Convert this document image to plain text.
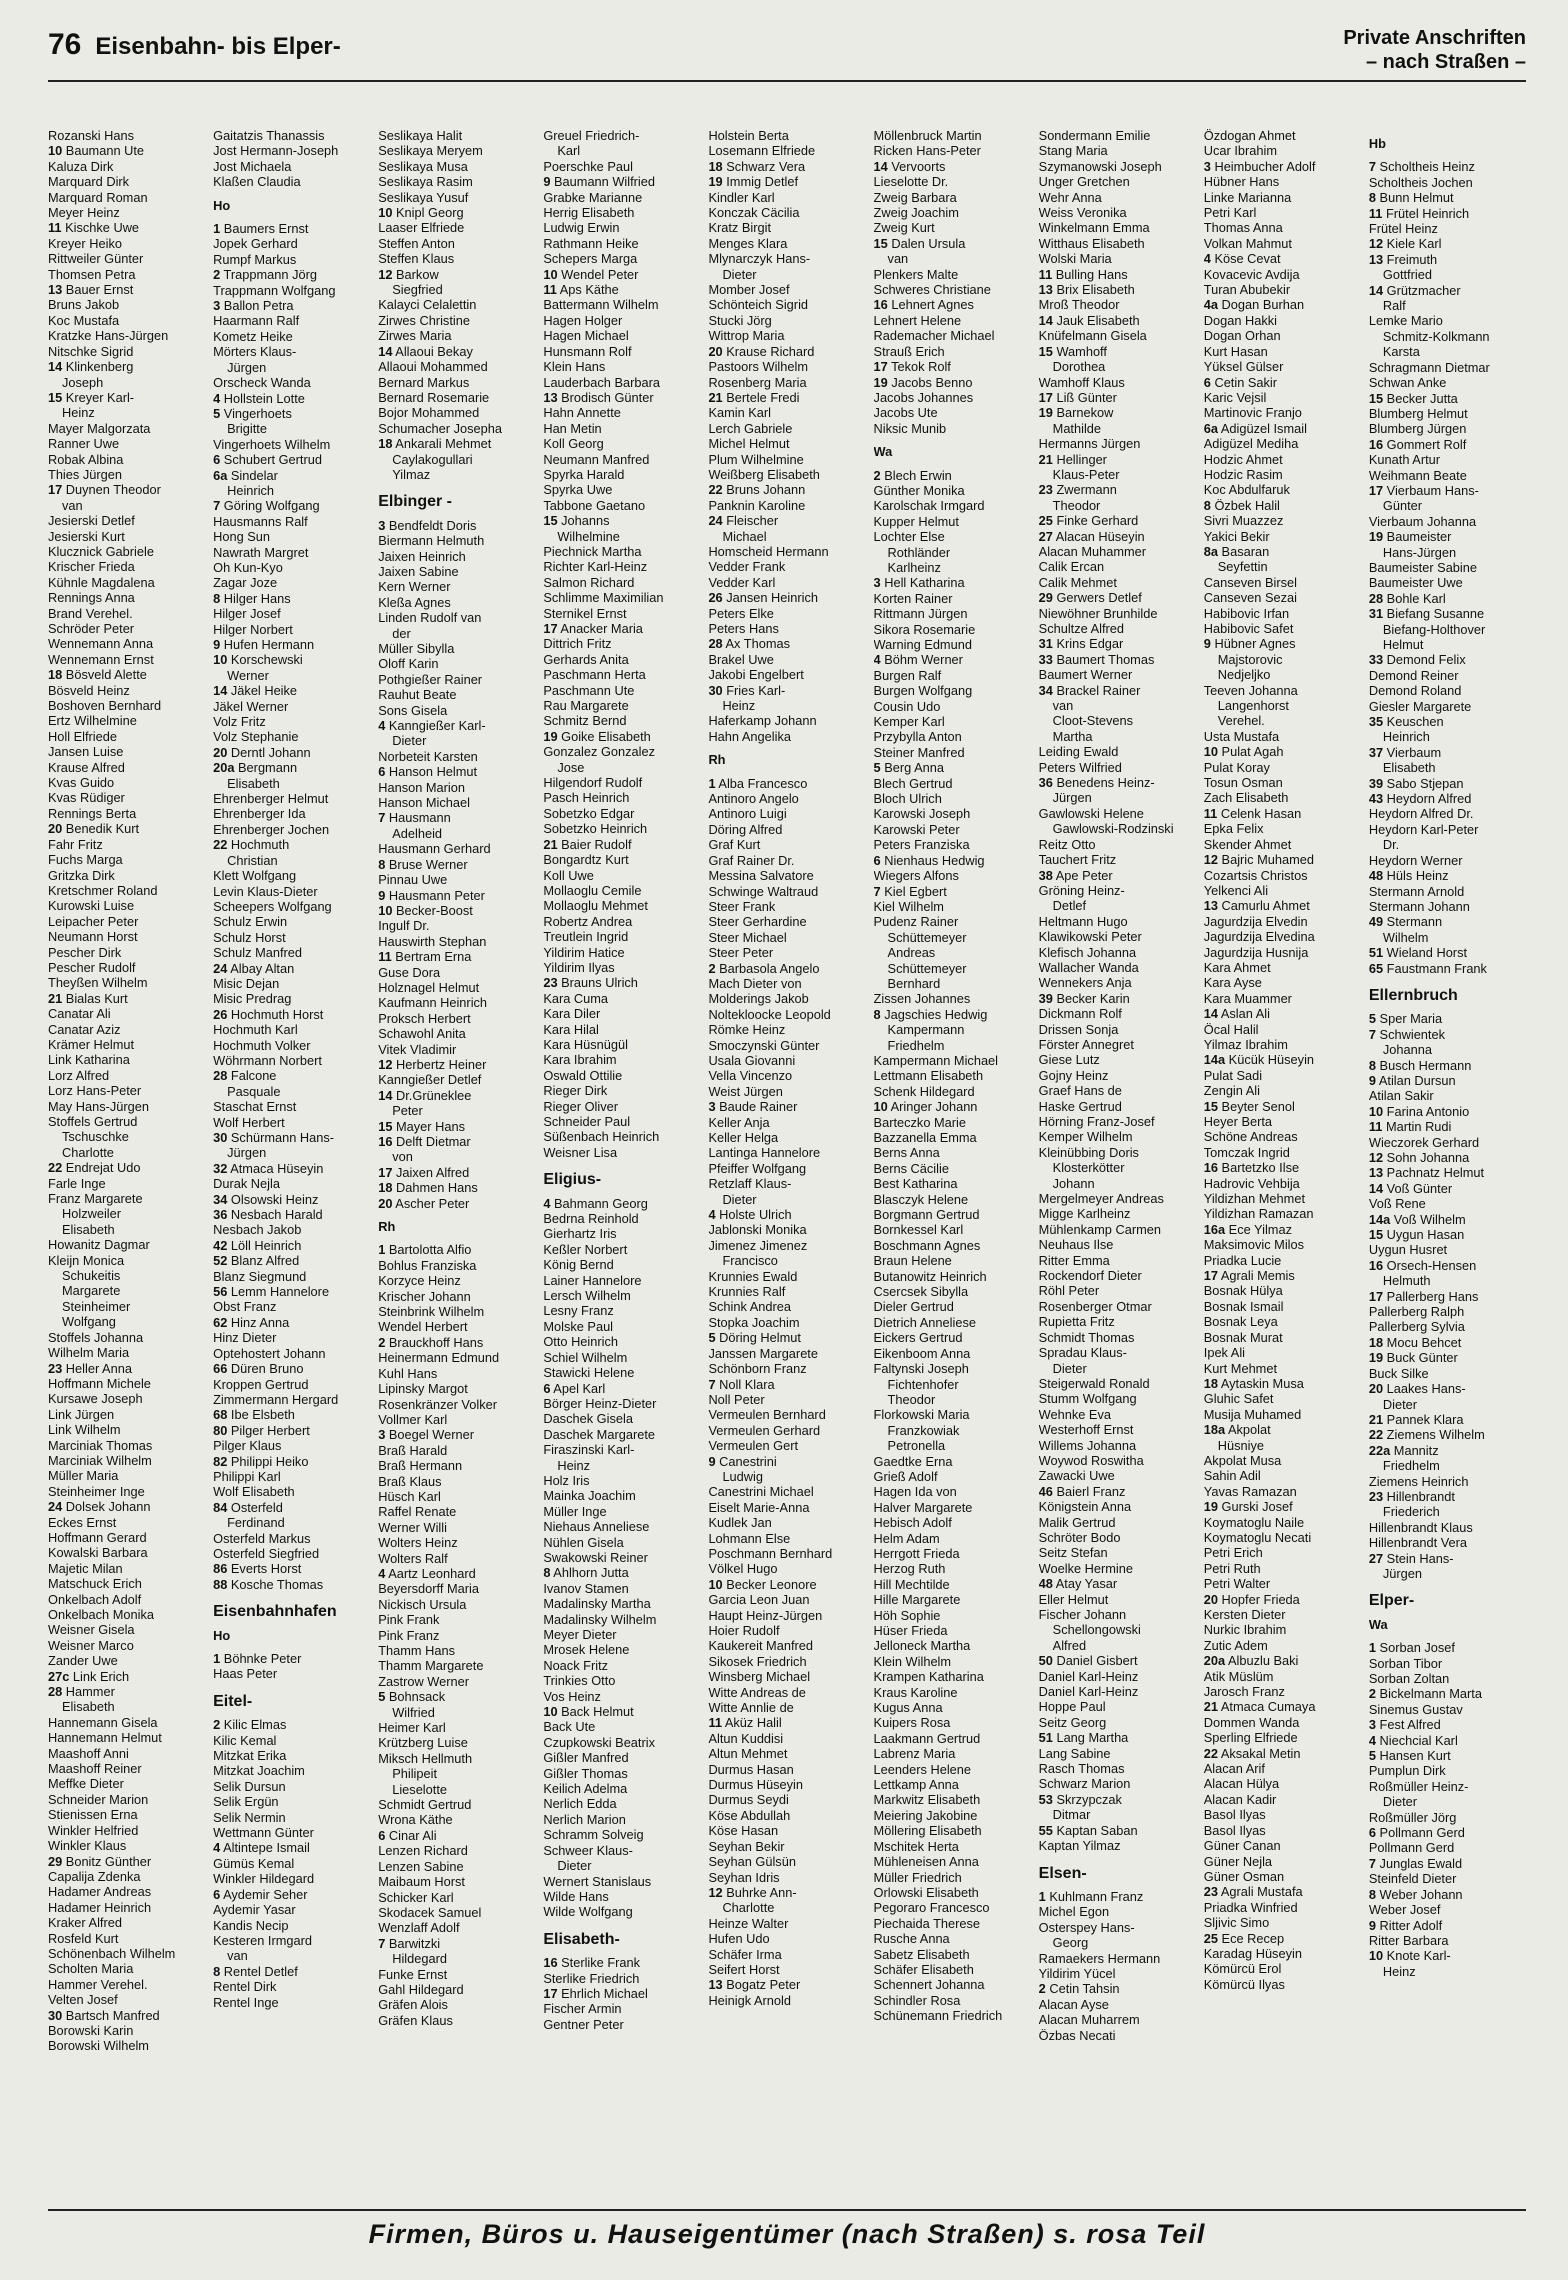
76 Eisenbahn- bis Elper-	Private Anschriften
– nach Straßen –
Rozanski Hans
10 Baumann Ute
Kaluza Dirk
Marquard Dirk
Marquard Roman
Meyer Heinz
11 Kischke Uwe
Kreyer Heiko
Rittweiler Günter
Thomsen Petra
13 Bauer Ernst
Bruns Jakob
Koc Mustafa
Kratzke Hans-Jürgen
Nitschke Sigrid
14 Klinkenberg
Joseph
15 Kreyer Karl-
Heinz
Mayer Malgorzata
Ranner Uwe
Robak Albina
Thies Jürgen
17 Duynen Theodor
van
Jesierski Detlef
Jesierski Kurt
Klucznick Gabriele
Krischer Frieda
Kühnle Magdalena
Rennings Anna
Brand Verehel.
Schröder Peter
Wennemann Anna
Wennemann Ernst
18 Bösveld Alette
Bösveld Heinz
Boshoven Bernhard
Ertz Wilhelmine
Holl Elfriede
Jansen Luise
Krause Alfred
Kvas Guido
Kvas Rüdiger
Rennings Berta
20 Benedik Kurt
Fahr Fritz
Fuchs Marga
Gritzka Dirk
Kretschmer Roland
Kurowski Luise
Leipacher Peter
Neumann Horst
Pescher Dirk
Pescher Rudolf
Theyßen Wilhelm
21 Bialas Kurt
Canatar Ali
Canatar Aziz
Krämer Helmut
Link Katharina
Lorz Alfred
Lorz Hans-Peter
May Hans-Jürgen
Stoffels Gertrud
Tschuschke
Charlotte
22 Endrejat Udo
Farle Inge
Franz Margarete
Holzweiler
Elisabeth
Howanitz Dagmar
Kleijn Monica
Schukeitis
Margarete
Steinheimer
Wolfgang
Stoffels Johanna
Wilhelm Maria
23 Heller Anna
Hoffmann Michele
Kursawe Joseph
Link Jürgen
Link Wilhelm
Marciniak Thomas
Marciniak Wilhelm
Müller Maria
Steinheimer Inge
24 Dolsek Johann
Eckes Ernst
Hoffmann Gerard
Kowalski Barbara
Majetic Milan
Matschuck Erich
Onkelbach Adolf
Onkelbach Monika
Weisner Gisela
Weisner Marco
Zander Uwe
27c Link Erich
28 Hammer
Elisabeth
Hannemann Gisela
Hannemann Helmut
Maashoff Anni
Maashoff Reiner
Meffke Dieter
Schneider Marion
Stienissen Erna
Winkler Helfried
Winkler Klaus
29 Bonitz Günther
Capalija Zdenka
Hadamer Andreas
Hadamer Heinrich
Kraker Alfred
Rosfeld Kurt
Schönenbach Wilhelm
Scholten Maria
Hammer Verehel.
Velten Josef
30 Bartsch Manfred
Borowski Karin
Borowski Wilhelm
Gaitatzis Thanassis
Jost Hermann-Joseph
Jost Michaela
Klaßen Claudia
Ho
1 Baumers Ernst
Jopek Gerhard
Rumpf Markus
2 Trappmann Jörg
Trappmann Wolfgang
3 Ballon Petra
Haarmann Ralf
Kometz Heike
Mörters Klaus-
Jürgen
Orscheck Wanda
4 Hollstein Lotte
5 Vingerhoets
Brigitte
Vingerhoets Wilhelm
6 Schubert Gertrud
6a Sindelar
Heinrich
7 Göring Wolfgang
Hausmanns Ralf
Hong Sun
Nawrath Margret
Oh Kun-Kyo
Zagar Joze
8 Hilger Hans
Hilger Josef
Hilger Norbert
9 Hufen Hermann
10 Korschewski
Werner
14 Jäkel Heike
Jäkel Werner
Volz Fritz
Volz Stephanie
20 Derntl Johann
20a Bergmann
Elisabeth
Ehrenberger Helmut
Ehrenberger Ida
Ehrenberger Jochen
22 Hochmuth
Christian
Klett Wolfgang
Levin Klaus-Dieter
Scheepers Wolfgang
Schulz Erwin
Schulz Horst
Schulz Manfred
24 Albay Altan
Misic Dejan
Misic Predrag
26 Hochmuth Horst
Hochmuth Karl
Hochmuth Volker
Wöhrmann Norbert
28 Falcone
Pasquale
Staschat Ernst
Wolf Herbert
30 Schürmann Hans-
Jürgen
32 Atmaca Hüseyin
Durak Nejla
34 Olsowski Heinz
36 Nesbach Harald
Nesbach Jakob
42 Löll Heinrich
52 Blanz Alfred
Blanz Siegmund
56 Lemm Hannelore
Obst Franz
62 Hinz Anna
Hinz Dieter
Optehostert Johann
66 Düren Bruno
Kroppen Gertrud
Zimmermann Hergard
68 Ibe Elsbeth
80 Pilger Herbert
Pilger Klaus
82 Philippi Heiko
Philippi Karl
Wolf Elisabeth
84 Osterfeld
Ferdinand
Osterfeld Markus
Osterfeld Siegfried
86 Everts Horst
88 Kosche Thomas
Eisenbahnhafen
Ho
1 Böhnke Peter
Haas Peter
Eitel-
2 Kilic Elmas
Kilic Kemal
Mitzkat Erika
Mitzkat Joachim
Selik Dursun
Selik Ergün
Selik Nermin
Wettmann Günter
4 Altintepe Ismail
Gümüs Kemal
Winkler Hildegard
6 Aydemir Seher
Aydemir Yasar
Kandis Necip
Kesteren Irmgard
van
8 Rentel Detlef
Rentel Dirk
Rentel Inge
Seslikaya Halit
Seslikaya Meryem
Seslikaya Musa
Seslikaya Rasim
Seslikaya Yusuf
10 Knipl Georg
Laaser Elfriede
Steffen Anton
Steffen Klaus
12 Barkow
Siegfried
Kalayci Celalettin
Zirwes Christine
Zirwes Maria
14 Allaoui Bekay
Allaoui Mohammed
Bernard Markus
Bernard Rosemarie
Bojor Mohammed
Schumacher Josepha
18 Ankarali Mehmet
Caylakogullari
Yilmaz
Elbinger -
3 Bendfeldt Doris
Biermann Helmuth
Jaixen Heinrich
Jaixen Sabine
Kern Werner
Kleßa Agnes
Linden Rudolf van
der
Müller Sibylla
Oloff Karin
Pothgießer Rainer
Rauhut Beate
Sons Gisela
4 Kanngießer Karl-
Dieter
Norbeteit Karsten
6 Hanson Helmut
Hanson Marion
Hanson Michael
7 Hausmann
Adelheid
Hausmann Gerhard
8 Bruse Werner
Pinnau Uwe
9 Hausmann Peter
10 Becker-Boost
Ingulf Dr.
Hauswirth Stephan
11 Bertram Erna
Guse Dora
Holznagel Helmut
Kaufmann Heinrich
Proksch Herbert
Schawohl Anita
Vitek Vladimir
12 Herbertz Heiner
Kanngießer Detlef
14 Dr.Grüneklee
Peter
15 Mayer Hans
16 Delft Dietmar
von
17 Jaixen Alfred
18 Dahmen Hans
20 Ascher Peter
Rh
1 Bartolotta Alfio
Bohlus Franziska
Korzyce Heinz
Krischer Johann
Steinbrink Wilhelm
Wendel Herbert
2 Brauckhoff Hans
Heinermann Edmund
Kuhl Hans
Lipinsky Margot
Rosenkränzer Volker
Vollmer Karl
3 Boegel Werner
Braß Harald
Braß Hermann
Braß Klaus
Hüsch Karl
Raffel Renate
Werner Willi
Wolters Heinz
Wolters Ralf
4 Aartz Leonhard
Beyersdorff Maria
Nickisch Ursula
Pink Frank
Pink Franz
Thamm Hans
Thamm Margarete
Zastrow Werner
5 Bohnsack
Wilfried
Heimer Karl
Krützberg Luise
Miksch Hellmuth
Philipeit
Lieselotte
Schmidt Gertrud
Wrona Käthe
6 Cinar Ali
Lenzen Richard
Lenzen Sabine
Maibaum Horst
Schicker Karl
Skodacek Samuel
Wenzlaff Adolf
7 Barwitzki
Hildegard
Funke Ernst
Gahl Hildegard
Gräfen Alois
Gräfen Klaus
Greuel Friedrich-
Karl
Poerschke Paul
9 Baumann Wilfried
Grabke Marianne
Herrig Elisabeth
Ludwig Erwin
Rathmann Heike
Schepers Marga
10 Wendel Peter
11 Aps Käthe
Battermann Wilhelm
Hagen Holger
Hagen Michael
Hunsmann Rolf
Klein Hans
Lauderbach Barbara
13 Brodisch Günter
Hahn Annette
Han Metin
Koll Georg
Neumann Manfred
Spyrka Harald
Spyrka Uwe
Tabbone Gaetano
15 Johanns
Wilhelmine
Piechnick Martha
Richter Karl-Heinz
Salmon Richard
Schlimme Maximilian
Sternikel Ernst
17 Anacker Maria
Dittrich Fritz
Gerhards Anita
Paschmann Herta
Paschmann Ute
Rau Margarete
Schmitz Bernd
19 Goike Elisabeth
Gonzalez Gonzalez
Jose
Hilgendorf Rudolf
Pasch Heinrich
Sobetzko Edgar
Sobetzko Heinrich
21 Baier Rudolf
Bongardtz Kurt
Koll Uwe
Mollaoglu Cemile
Mollaoglu Mehmet
Robertz Andrea
Treutlein Ingrid
Yildirim Hatice
Yildirim Ilyas
23 Brauns Ulrich
Kara Cuma
Kara Diler
Kara Hilal
Kara Hüsnügül
Kara Ibrahim
Oswald Ottilie
Rieger Dirk
Rieger Oliver
Schneider Paul
Süßenbach Heinrich
Weisner Lisa
Eligius-
4 Bahmann Georg
Bedrna Reinhold
Gierhartz Iris
Keßler Norbert
König Bernd
Lainer Hannelore
Lersch Wilhelm
Lesny Franz
Molske Paul
Otto Heinrich
Schiel Wilhelm
Stawicki Helene
6 Apel Karl
Börger Heinz-Dieter
Daschek Gisela
Daschek Margarete
Firaszinski Karl-
Heinz
Holz Iris
Mainka Joachim
Müller Inge
Niehaus Anneliese
Nühlen Gisela
Swakowski Reiner
8 Ahlhorn Jutta
Ivanov Stamen
Madalinsky Martha
Madalinsky Wilhelm
Meyer Dieter
Mrosek Helene
Noack Fritz
Trinkies Otto
Vos Heinz
10 Back Helmut
Back Ute
Czupkowski Beatrix
Gißler Manfred
Gißler Thomas
Keilich Adelma
Nerlich Edda
Nerlich Marion
Schramm Solveig
Schweer Klaus-
Dieter
Wernert Stanislaus
Wilde Hans
Wilde Wolfgang
Elisabeth-
16 Sterlike Frank
Sterlike Friedrich
17 Ehrlich Michael
Fischer Armin
Gentner Peter
Holstein Berta
Losemann Elfriede
18 Schwarz Vera
19 Immig Detlef
Kindler Karl
Konczak Cäcilia
Kratz Birgit
Menges Klara
Mlynarczyk Hans-
Dieter
Momber Josef
Schönteich Sigrid
Stucki Jörg
Wittrop Maria
20 Krause Richard
Pastoors Wilhelm
Rosenberg Maria
21 Bertele Fredi
Kamin Karl
Lerch Gabriele
Michel Helmut
Plum Wilhelmine
Weißberg Elisabeth
22 Bruns Johann
Panknin Karoline
24 Fleischer
Michael
Homscheid Hermann
Vedder Frank
Vedder Karl
26 Jansen Heinrich
Peters Elke
Peters Hans
28 Ax Thomas
Brakel Uwe
Jakobi Engelbert
30 Fries Karl-
Heinz
Haferkamp Johann
Hahn Angelika
Rh
1 Alba Francesco
Antinoro Angelo
Antinoro Luigi
Döring Alfred
Graf Kurt
Graf Rainer Dr.
Messina Salvatore
Schwinge Waltraud
Steer Frank
Steer Gerhardine
Steer Michael
Steer Peter
2 Barbasola Angelo
Mach Dieter von
Molderings Jakob
Noltekloocke Leopold
Römke Heinz
Smoczynski Günter
Usala Giovanni
Vella Vincenzo
Weist Jürgen
3 Baude Rainer
Keller Anja
Keller Helga
Lantinga Hannelore
Pfeiffer Wolfgang
Retzlaff Klaus-
Dieter
4 Holste Ulrich
Jablonski Monika
Jimenez Jimenez
Francisco
Krunnies Ewald
Krunnies Ralf
Schink Andrea
Stopka Joachim
5 Döring Helmut
Janssen Margarete
Schönborn Franz
7 Noll Klara
Noll Peter
Vermeulen Bernhard
Vermeulen Gerhard
Vermeulen Gert
9 Canestrini
Ludwig
Canestrini Michael
Eiselt Marie-Anna
Kudlek Jan
Lohmann Else
Poschmann Bernhard
Völkel Hugo
10 Becker Leonore
Garcia Leon Juan
Haupt Heinz-Jürgen
Hoier Rudolf
Kaukereit Manfred
Sikosek Friedrich
Winsberg Michael
Witte Andreas de
Witte Annlie de
11 Aküz Halil
Altun Kuddisi
Altun Mehmet
Durmus Hasan
Durmus Hüseyin
Durmus Seydi
Köse Abdullah
Köse Hasan
Seyhan Bekir
Seyhan Gülsün
Seyhan Idris
12 Buhrke Ann-
Charlotte
Heinze Walter
Hufen Udo
Schäfer Irma
Seifert Horst
13 Bogatz Peter
Heinigk Arnold
Möllenbruck Martin
Ricken Hans-Peter
14 Vervoorts
Lieselotte Dr.
Zweig Barbara
Zweig Joachim
Zweig Kurt
15 Dalen Ursula
van
Plenkers Malte
Schweres Christiane
16 Lehnert Agnes
Lehnert Helene
Rademacher Michael
Strauß Erich
17 Tekok Rolf
19 Jacobs Benno
Jacobs Johannes
Jacobs Ute
Niksic Munib
Wa
2 Blech Erwin
Günther Monika
Karolschak Irmgard
Kupper Helmut
Lochter Else
Rothländer
Karlheinz
3 Hell Katharina
Korten Rainer
Rittmann Jürgen
Sikora Rosemarie
Warning Edmund
4 Böhm Werner
Burgen Ralf
Burgen Wolfgang
Cousin Udo
Kemper Karl
Przybylla Anton
Steiner Manfred
5 Berg Anna
Blech Gertrud
Bloch Ulrich
Karowski Joseph
Karowski Peter
Peters Franziska
6 Nienhaus Hedwig
Wiegers Alfons
7 Kiel Egbert
Kiel Wilhelm
Pudenz Rainer
Schüttemeyer
Andreas
Schüttemeyer
Bernhard
Zissen Johannes
8 Jagschies Hedwig
Kampermann
Friedhelm
Kampermann Michael
Lettmann Elisabeth
Schenk Hildegard
10 Aringer Johann
Barteczko Marie
Bazzanella Emma
Berns Anna
Berns Cäcilie
Best Katharina
Blasczyk Helene
Borgmann Gertrud
Bornkessel Karl
Boschmann Agnes
Braun Helene
Butanowitz Heinrich
Csercsek Sibylla
Dieler Gertrud
Dietrich Anneliese
Eickers Gertrud
Eikenboom Anna
Faltynski Joseph
Fichtenhofer
Theodor
Florkowski Maria
Franzkowiak
Petronella
Gaedtke Erna
Grieß Adolf
Hagen Ida von
Halver Margarete
Hebisch Adolf
Helm Adam
Herrgott Frieda
Herzog Ruth
Hill Mechtilde
Hille Margarete
Höh Sophie
Hüser Frieda
Jelloneck Martha
Klein Wilhelm
Krampen Katharina
Kraus Karoline
Kugus Anna
Kuipers Rosa
Laakmann Gertrud
Labrenz Maria
Leenders Helene
Lettkamp Anna
Markwitz Elisabeth
Meiering Jakobine
Möllering Elisabeth
Mschitek Herta
Mühleneisen Anna
Müller Friedrich
Orlowski Elisabeth
Pegoraro Francesco
Piechaida Therese
Rusche Anna
Sabetz Elisabeth
Schäfer Elisabeth
Schennert Johanna
Schindler Rosa
Schünemann Friedrich
Sondermann Emilie
Stang Maria
Szymanowski Joseph
Unger Gretchen
Wehr Anna
Weiss Veronika
Winkelmann Emma
Witthaus Elisabeth
Wolski Maria
11 Bulling Hans
13 Brix Elisabeth
Mroß Theodor
14 Jauk Elisabeth
Knüfelmann Gisela
15 Wamhoff
Dorothea
Wamhoff Klaus
17 Liß Günter
19 Barnekow
Mathilde
Hermanns Jürgen
21 Hellinger
Klaus-Peter
23 Zwermann
Theodor
25 Finke Gerhard
27 Alacan Hüseyin
Alacan Muhammer
Calik Ercan
Calik Mehmet
29 Gerwers Detlef
Niewöhner Brunhilde
Schultze Alfred
31 Krins Edgar
33 Baumert Thomas
Baumert Werner
34 Brackel Rainer
van
Cloot-Stevens
Martha
Leiding Ewald
Peters Wilfried
36 Benedens Heinz-
Jürgen
Gawlowski Helene
Gawlowski-Rodzinski
Reitz Otto
Tauchert Fritz
38 Ape Peter
Gröning Heinz-
Detlef
Heltmann Hugo
Klawikowski Peter
Klefisch Johanna
Wallacher Wanda
Wennekers Anja
39 Becker Karin
Dickmann Rolf
Drissen Sonja
Förster Annegret
Giese Lutz
Gojny Heinz
Graef Hans de
Haske Gertrud
Hörning Franz-Josef
Kemper Wilhelm
Kleinübbing Doris
Klosterkötter
Johann
Mergelmeyer Andreas
Migge Karlheinz
Mühlenkamp Carmen
Neuhaus Ilse
Ritter Emma
Rockendorf Dieter
Röhl Peter
Rosenberger Otmar
Rupietta Fritz
Schmidt Thomas
Spradau Klaus-
Dieter
Steigerwald Ronald
Stumm Wolfgang
Wehnke Eva
Westerhoff Ernst
Willems Johanna
Woywod Roswitha
Zawacki Uwe
46 Baierl Franz
Königstein Anna
Malik Gertrud
Schröter Bodo
Seitz Stefan
Woelke Hermine
48 Atay Yasar
Eller Helmut
Fischer Johann
Schellongowski
Alfred
50 Daniel Gisbert
Daniel Karl-Heinz
Daniel Karl-Heinz
Hoppe Paul
Seitz Georg
51 Lang Martha
Lang Sabine
Rasch Thomas
Schwarz Marion
53 Skrzypczak
Ditmar
55 Kaptan Saban
Kaptan Yilmaz
Elsen-
1 Kuhlmann Franz
Michel Egon
Osterspey Hans-
Georg
Ramaekers Hermann
Yildirim Yücel
2 Cetin Tahsin
Alacan Ayse
Alacan Muharrem
Özbas Necati
Özdogan Ahmet
Ucar Ibrahim
3 Heimbucher Adolf
Hübner Hans
Linke Marianna
Petri Karl
Thomas Anna
Volkan Mahmut
4 Köse Cevat
Kovacevic Avdija
Turan Abubekir
4a Dogan Burhan
Dogan Hakki
Dogan Orhan
Kurt Hasan
Yüksel Gülser
6 Cetin Sakir
Karic Vejsil
Martinovic Franjo
6a Adigüzel Ismail
Adigüzel Mediha
Hodzic Ahmet
Hodzic Rasim
Koc Abdulfaruk
8 Özbek Halil
Sivri Muazzez
Yakici Bekir
8a Basaran
Seyfettin
Canseven Birsel
Canseven Sezai
Habibovic Irfan
Habibovic Safet
9 Hübner Agnes
Majstorovic
Nedjeljko
Teeven Johanna
Langenhorst
Verehel.
Usta Mustafa
10 Pulat Agah
Pulat Koray
Tosun Osman
Zach Elisabeth
11 Celenk Hasan
Epka Felix
Skender Ahmet
12 Bajric Muhamed
Cozartsis Christos
Yelkenci Ali
13 Camurlu Ahmet
Jagurdzija Elvedin
Jagurdzija Elvedina
Jagurdzija Husnija
Kara Ahmet
Kara Ayse
Kara Muammer
14 Aslan Ali
Öcal Halil
Yilmaz Ibrahim
14a Kücük Hüseyin
Pulat Sadi
Zengin Ali
15 Beyter Senol
Heyer Berta
Schöne Andreas
Tomczak Ingrid
16 Bartetzko Ilse
Hadrovic Vehbija
Yildizhan Mehmet
Yildizhan Ramazan
16a Ece Yilmaz
Maksimovic Milos
Priadka Lucie
17 Agrali Memis
Bosnak Hülya
Bosnak Ismail
Bosnak Leya
Bosnak Murat
Ipek Ali
Kurt Mehmet
18 Aytaskin Musa
Gluhic Safet
Musija Muhamed
18a Akpolat
Hüsniye
Akpolat Musa
Sahin Adil
Yavas Ramazan
19 Gurski Josef
Koymatoglu Naile
Koymatoglu Necati
Petri Erich
Petri Ruth
Petri Walter
20 Hopfer Frieda
Kersten Dieter
Nurkic Ibrahim
Zutic Adem
20a Albuzlu Baki
Atik Müslüm
Jarosch Franz
21 Atmaca Cumaya
Dommen Wanda
Sperling Elfriede
22 Aksakal Metin
Alacan Arif
Alacan Hülya
Alacan Kadir
Basol Ilyas
Basol Ilyas
Güner Canan
Güner Nejla
Güner Osman
23 Agrali Mustafa
Priadka Winfried
Sljivic Simo
25 Ece Recep
Karadag Hüseyin
Kömürcü Erol
Kömürcü Ilyas
Hb
7 Scholtheis Heinz
Scholtheis Jochen
8 Bunn Helmut
11 Frütel Heinrich
Frütel Heinz
12 Kiele Karl
13 Freimuth
Gottfried
14 Grützmacher
Ralf
Lemke Mario
Schmitz-Kolkmann
Karsta
Schragmann Dietmar
Schwan Anke
15 Becker Jutta
Blumberg Helmut
Blumberg Jürgen
16 Gommert Rolf
Kunath Artur
Weihmann Beate
17 Vierbaum Hans-
Günter
Vierbaum Johanna
19 Baumeister
Hans-Jürgen
Baumeister Sabine
Baumeister Uwe
28 Bohle Karl
31 Biefang Susanne
Biefang-Holthover
Helmut
33 Demond Felix
Demond Reiner
Demond Roland
Giesler Margarete
35 Keuschen
Heinrich
37 Vierbaum
Elisabeth
39 Sabo Stjepan
43 Heydorn Alfred
Heydorn Alfred Dr.
Heydorn Karl-Peter
Dr.
Heydorn Werner
48 Hüls Heinz
Stermann Arnold
Stermann Johann
49 Stermann
Wilhelm
51 Wieland Horst
65 Faustmann Frank
Ellernbruch
5 Sper Maria
7 Schwientek
Johanna
8 Busch Hermann
9 Atilan Dursun
Atilan Sakir
10 Farina Antonio
11 Martin Rudi
Wieczorek Gerhard
12 Sohn Johanna
13 Pachnatz Helmut
14 Voß Günter
Voß Rene
14a Voß Wilhelm
15 Uygun Hasan
Uygun Husret
16 Orsech-Hensen
Helmuth
17 Pallerberg Hans
Pallerberg Ralph
Pallerberg Sylvia
18 Mocu Behcet
19 Buck Günter
Buck Silke
20 Laakes Hans-
Dieter
21 Pannek Klara
22 Ziemens Wilhelm
22a Mannitz
Friedhelm
Ziemens Heinrich
23 Hillenbrandt
Friederich
Hillenbrandt Klaus
Hillenbrandt Vera
27 Stein Hans-
Jürgen
Elper-
Wa
1 Sorban Josef
Sorban Tibor
Sorban Zoltan
2 Bickelmann Marta
Sinemus Gustav
3 Fest Alfred
4 Niechcial Karl
5 Hansen Kurt
Pumplun Dirk
Roßmüller Heinz-
Dieter
Roßmüller Jörg
6 Pollmann Gerd
Pollmann Gerd
7 Junglas Ewald
Steinfeld Dieter
8 Weber Johann
Weber Josef
9 Ritter Adolf
Ritter Barbara
10 Knote Karl-
Heinz
Firmen, Büros u. Hauseigentümer (nach Straßen) s. rosa Teil
